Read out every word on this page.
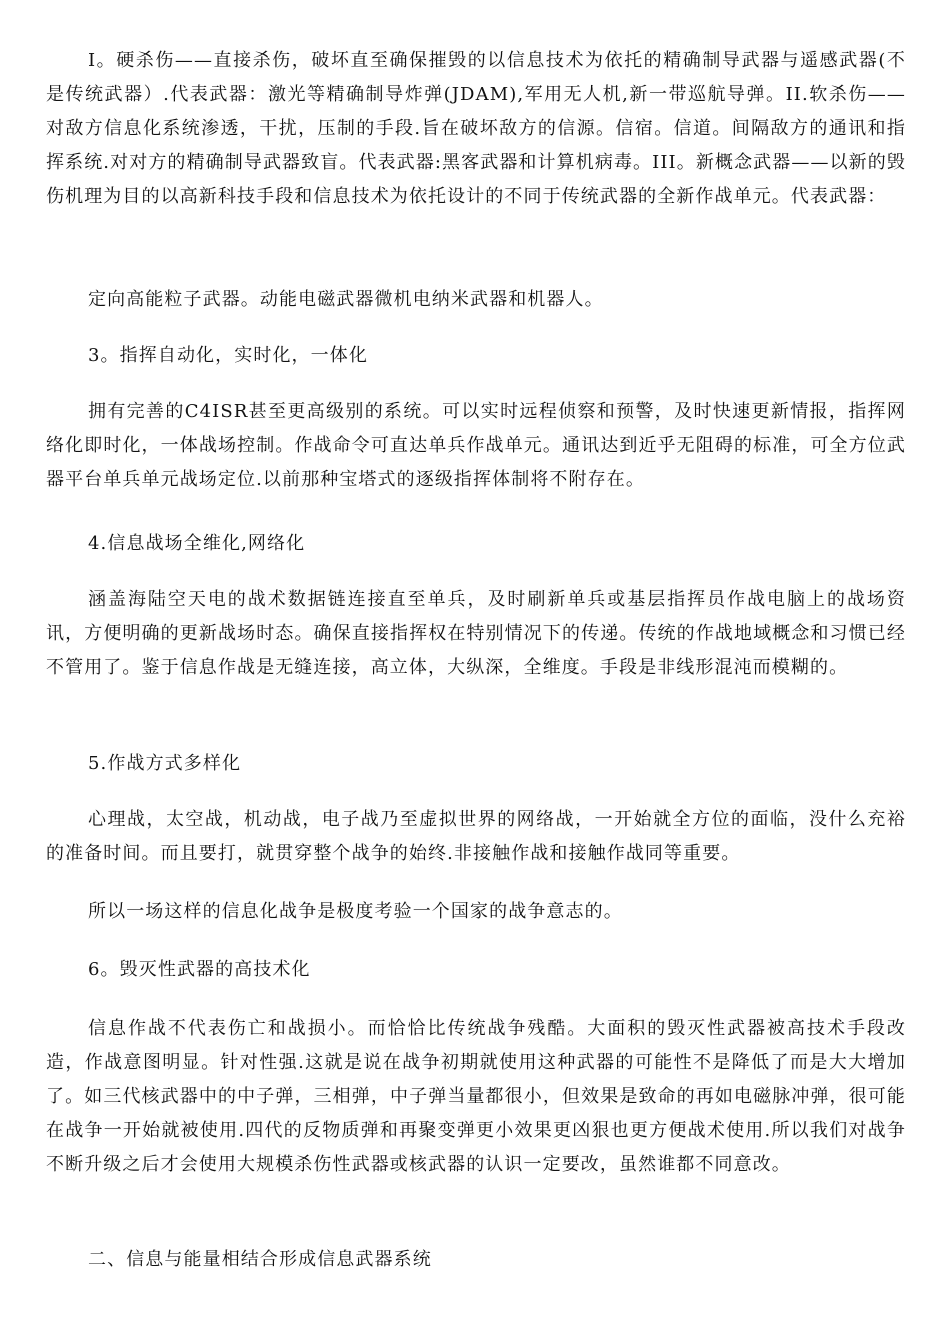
I。硬杀伤——直接杀伤，破坏直至确保摧毁的以信息技术为依托的精确制导武器与遥感武器(不是传统武器）.代表武器：激光等精确制导炸弹(JDAM),军用无人机,新一带巡航导弹。II.软杀伤——对敌方信息化系统渗透，干扰，压制的手段.旨在破坏敌方的信源。信宿。信道。间隔敌方的通讯和指挥系统.对对方的精确制导武器致盲。代表武器:黑客武器和计算机病毒。III。新概念武器——以新的毁伤机理为目的以高新科技手段和信息技术为依托设计的不同于传统武器的全新作战单元。代表武器：

定向高能粒子武器。动能电磁武器微机电纳米武器和机器人。

3。指挥自动化，实时化，一体化

拥有完善的C4ISR甚至更高级别的系统。可以实时远程侦察和预警，及时快速更新情报，指挥网络化即时化，一体战场控制。作战命令可直达单兵作战单元。通讯达到近乎无阻碍的标准，可全方位武器平台单兵单元战场定位.以前那种宝塔式的逐级指挥体制将不附存在。

4.信息战场全维化,网络化

涵盖海陆空天电的战术数据链连接直至单兵，及时刷新单兵或基层指挥员作战电脑上的战场资讯，方便明确的更新战场时态。确保直接指挥权在特别情况下的传递。传统的作战地域概念和习惯已经不管用了。鉴于信息作战是无缝连接，高立体，大纵深，全维度。手段是非线形混沌而模糊的。

5.作战方式多样化

心理战，太空战，机动战，电子战乃至虚拟世界的网络战，一开始就全方位的面临，没什么充裕的准备时间。而且要打，就贯穿整个战争的始终.非接触作战和接触作战同等重要。

所以一场这样的信息化战争是极度考验一个国家的战争意志的。

6。毁灭性武器的高技术化

信息作战不代表伤亡和战损小。而恰恰比传统战争残酷。大面积的毁灭性武器被高技术手段改造，作战意图明显。针对性强.这就是说在战争初期就使用这种武器的可能性不是降低了而是大大增加了。如三代核武器中的中子弹，三相弹，中子弹当量都很小，但效果是致命的再如电磁脉冲弹，很可能在战争一开始就被使用.四代的反物质弹和再聚变弹更小效果更凶狠也更方便战术使用.所以我们对战争不断升级之后才会使用大规模杀伤性武器或核武器的认识一定要改，虽然谁都不同意改。

二、信息与能量相结合形成信息武器系统
